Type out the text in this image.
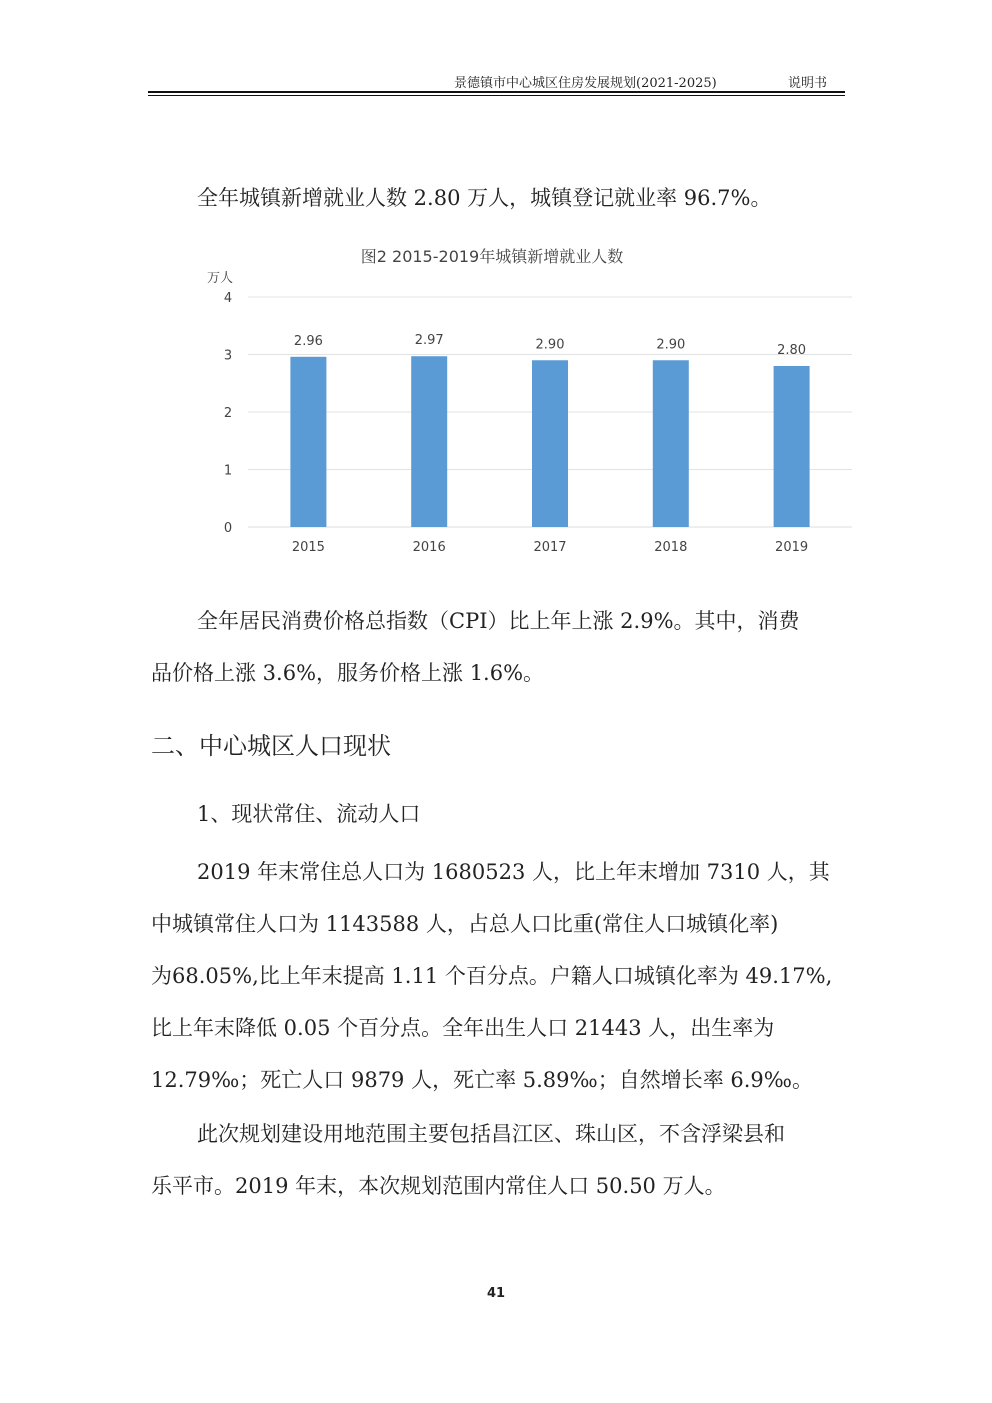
景德镇市中心城区住房发展规划(2021-2025)	说明书

全年城镇新增就业人数 2.80 万人，城镇登记就业率 96.7%。

图2 2015-2019年城镇新增就业人数
万人
0
1
2
3
4
2.96	2.97	2.90	2.90	2.80
2015	2016	2017	2018	2019

全年居民消费价格总指数（CPI）比上年上涨 2.9%。其中，消费
品价格上涨 3.6%，服务价格上涨 1.6%。

二、中心城区人口现状
1、现状常住、流动人口

2019 年末常住总人口为 1680523 人，比上年末增加 7310 人，其
中城镇常住人口为 1143588 人，占总人口比重(常住人口城镇化率)
为68.05%,比上年末提高 1.11 个百分点。户籍人口城镇化率为 49.17%,
比上年末降低 0.05 个百分点。全年出生人口 21443 人，出生率为
12.79‰；死亡人口 9879 人，死亡率 5.89‰；自然增长率 6.9‰。

此次规划建设用地范围主要包括昌江区、珠山区，不含浮梁县和
乐平市。2019 年末，本次规划范围内常住人口 50.50 万人。

41
